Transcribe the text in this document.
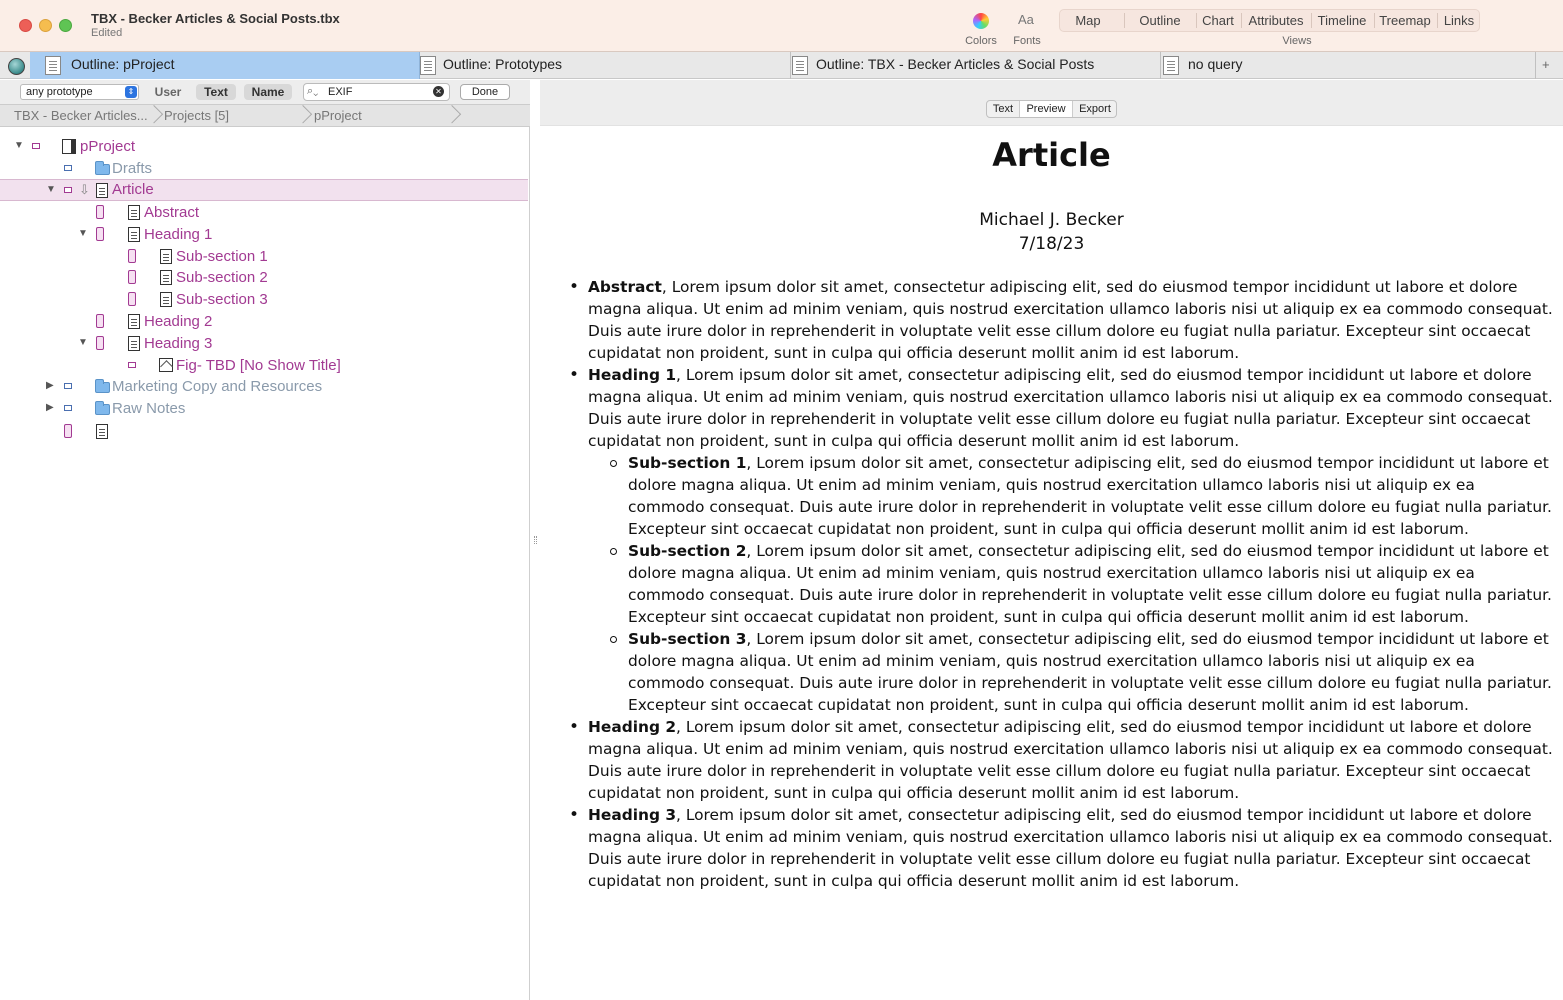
TBX - Becker Articles & Social Posts.tbx
Edited
Colors
Aa
Fonts
Map	Outline	Chart	Attributes	Timeline Treemap	Links
Views
Outline: pProject	Outline: Prototypes	Outline: TBX - Becker Articles & Social Posts	no query	+
any prototype	⇕	User	Text	Name	EXIF
⌕⌄	✕	Done
TBX - Becker Articles... Projects [5]	pProject
▼	pProject
Drafts
▼ ⇩ Article
Abstract
▼	Heading 1
Sub-section 1
Sub-section 2
Sub-section 3
Heading 2
▼	Heading 3
Fig- TBD [No Show Title]
▶	Marketing Copy and Resources
▶	Raw Notes
Text	Preview	Export
Article
Michael J. Becker
7/18/23
• Abstract, Lorem ipsum dolor sit amet, consectetur adipiscing elit, sed do eiusmod tempor incididunt ut labore et dolore magna aliqua. Ut enim ad minim veniam, quis nostrud exercitation ullamco laboris nisi ut aliquip ex ea commodo consequat. Duis aute irure dolor in reprehenderit in voluptate velit esse cillum dolore eu fugiat nulla pariatur. Excepteur sint occaecat cupidatat non proident, sunt in culpa qui officia deserunt mollit anim id est laborum.
• Heading 1, Lorem ipsum dolor sit amet, consectetur adipiscing elit, sed do eiusmod tempor incididunt ut labore et dolore magna aliqua. Ut enim ad minim veniam, quis nostrud exercitation ullamco laboris nisi ut aliquip ex ea commodo consequat. Duis aute irure dolor in reprehenderit in voluptate velit esse cillum dolore eu fugiat nulla pariatur. Excepteur sint occaecat cupidatat non proident, sunt in culpa qui officia deserunt mollit anim id est laborum.
Sub-section 1, Lorem ipsum dolor sit amet, consectetur adipiscing elit, sed do eiusmod tempor incididunt ut labore et dolore magna aliqua. Ut enim ad minim veniam, quis nostrud exercitation ullamco laboris nisi ut aliquip ex ea commodo consequat. Duis aute irure dolor in reprehenderit in voluptate velit esse cillum dolore eu fugiat nulla pariatur. Excepteur sint occaecat cupidatat non proident, sunt in culpa qui officia deserunt mollit anim id est laborum.
Sub-section 2, Lorem ipsum dolor sit amet, consectetur adipiscing elit, sed do eiusmod tempor incididunt ut labore et dolore magna aliqua. Ut enim ad minim veniam, quis nostrud exercitation ullamco laboris nisi ut aliquip ex ea commodo consequat. Duis aute irure dolor in reprehenderit in voluptate velit esse cillum dolore eu fugiat nulla pariatur. Excepteur sint occaecat cupidatat non proident, sunt in culpa qui officia deserunt mollit anim id est laborum.
Sub-section 3, Lorem ipsum dolor sit amet, consectetur adipiscing elit, sed do eiusmod tempor incididunt ut labore et dolore magna aliqua. Ut enim ad minim veniam, quis nostrud exercitation ullamco laboris nisi ut aliquip ex ea commodo consequat. Duis aute irure dolor in reprehenderit in voluptate velit esse cillum dolore eu fugiat nulla pariatur. Excepteur sint occaecat cupidatat non proident, sunt in culpa qui officia deserunt mollit anim id est laborum.
• Heading 2, Lorem ipsum dolor sit amet, consectetur adipiscing elit, sed do eiusmod tempor incididunt ut labore et dolore magna aliqua. Ut enim ad minim veniam, quis nostrud exercitation ullamco laboris nisi ut aliquip ex ea commodo consequat. Duis aute irure dolor in reprehenderit in voluptate velit esse cillum dolore eu fugiat nulla pariatur. Excepteur sint occaecat cupidatat non proident, sunt in culpa qui officia deserunt mollit anim id est laborum.
• Heading 3, Lorem ipsum dolor sit amet, consectetur adipiscing elit, sed do eiusmod tempor incididunt ut labore et dolore magna aliqua. Ut enim ad minim veniam, quis nostrud exercitation ullamco laboris nisi ut aliquip ex ea commodo consequat. Duis aute irure dolor in reprehenderit in voluptate velit esse cillum dolore eu fugiat nulla pariatur. Excepteur sint occaecat cupidatat non proident, sunt in culpa qui officia deserunt mollit anim id est laborum.
